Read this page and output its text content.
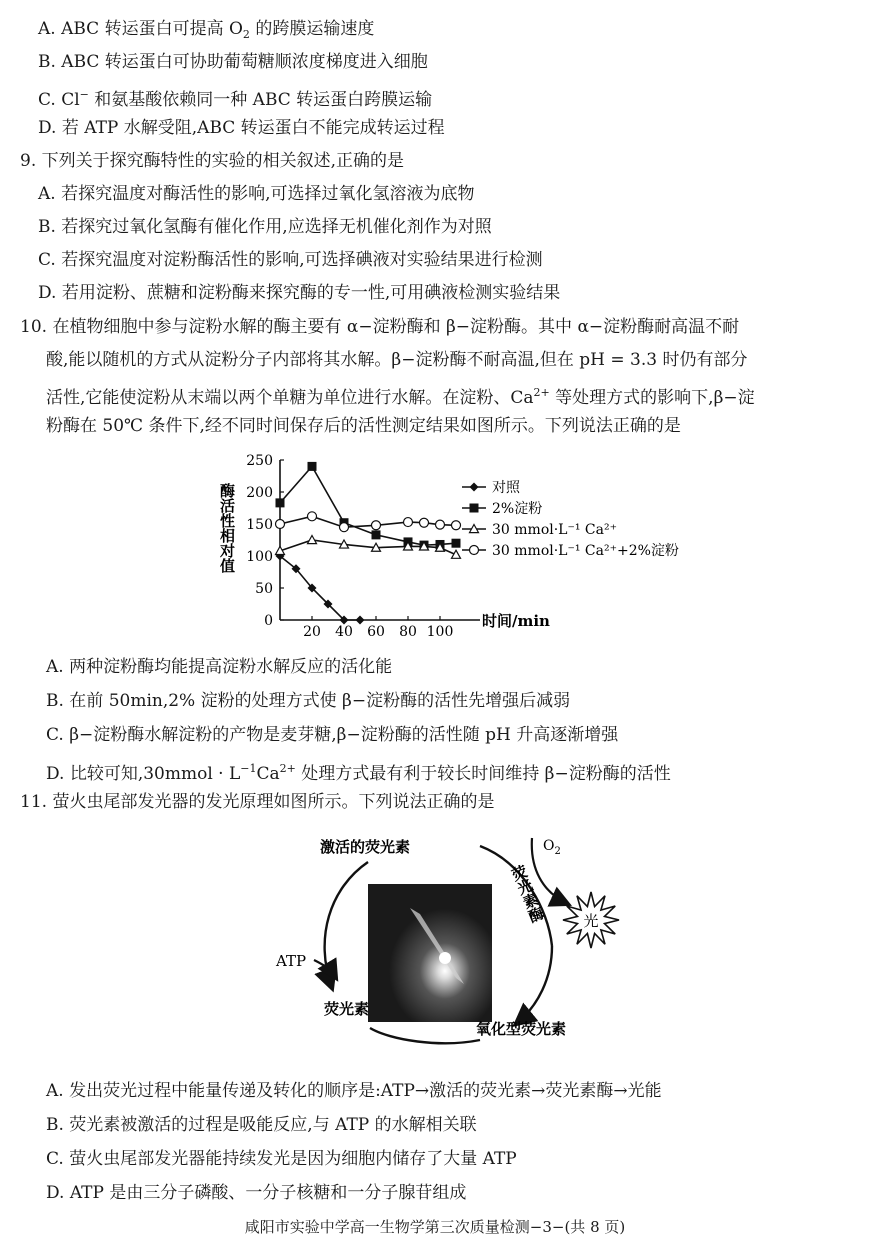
A. ABC 转运蛋白可提高 $O_2$ 的跨膜运输速度
B. ABC 转运蛋白可协助葡萄糖顺浓度梯度进入细胞
C. Cl− 和氨基酸依赖同一种 ABC 转运蛋白跨膜运输
D. 若 ATP 水解受阻,ABC 转运蛋白不能完成转运过程
9. 下列关于探究酶特性的实验的相关叙述,正确的是
A. 若探究温度对酶活性的影响,可选择过氧化氢溶液为底物
B. 若探究过氧化氢酶有催化作用,应选择无机催化剂作为对照
C. 若探究温度对淀粉酶活性的影响,可选择碘液对实验结果进行检测
D. 若用淀粉、蔗糖和淀粉酶来探究酶的专一性,可用碘液检测实验结果
10. 在植物细胞中参与淀粉水解的酶主要有 α−淀粉酶和 β−淀粉酶。其中 α−淀粉酶耐高温不耐
酸,能以随机的方式从淀粉分子内部将其水解。β−淀粉酶不耐高温,但在 pH = 3.3 时仍有部分
活性,它能使淀粉从末端以两个单糖为单位进行水解。在淀粉、$Ca^{2+}$ 等处理方式的影响下,β−淀
粉酶在 50℃ 条件下,经不同时间保存后的活性测定结果如图所示。下列说法正确的是
酶活性相对值
0
50
100
150
200
250
20 40 60 80 100
对照
2%淀粉
30 mmol·L⁻¹ Ca²⁺
30 mmol·L⁻¹ Ca²⁺+2%淀粉
时间/min
A. 两种淀粉酶均能提高淀粉水解反应的活化能
B. 在前 50min,2% 淀粉的处理方式使 β−淀粉酶的活性先增强后减弱
C. β−淀粉酶水解淀粉的产物是麦芽糖,β−淀粉酶的活性随 pH 升高逐渐增强
D. 比较可知,30mmol · $L^{-1}Ca^{2+}$ 处理方式最有利于较长时间维持 β−淀粉酶的活性
11. 萤火虫尾部发光器的发光原理如图所示。下列说法正确的是
光
激活的荧光素
荧光素酶
$O_2$
ATP
荧光素
氧化型荧光素
A. 发出荧光过程中能量传递及转化的顺序是:ATP→激活的荧光素→荧光素酶→光能
B. 荧光素被激活的过程是吸能反应,与 ATP 的水解相关联
C. 萤火虫尾部发光器能持续发光是因为细胞内储存了大量 ATP
D. ATP 是由三分子磷酸、一分子核糖和一分子腺苷组成
咸阳市实验中学高一生物学第三次质量检测−3−(共 8 页)
